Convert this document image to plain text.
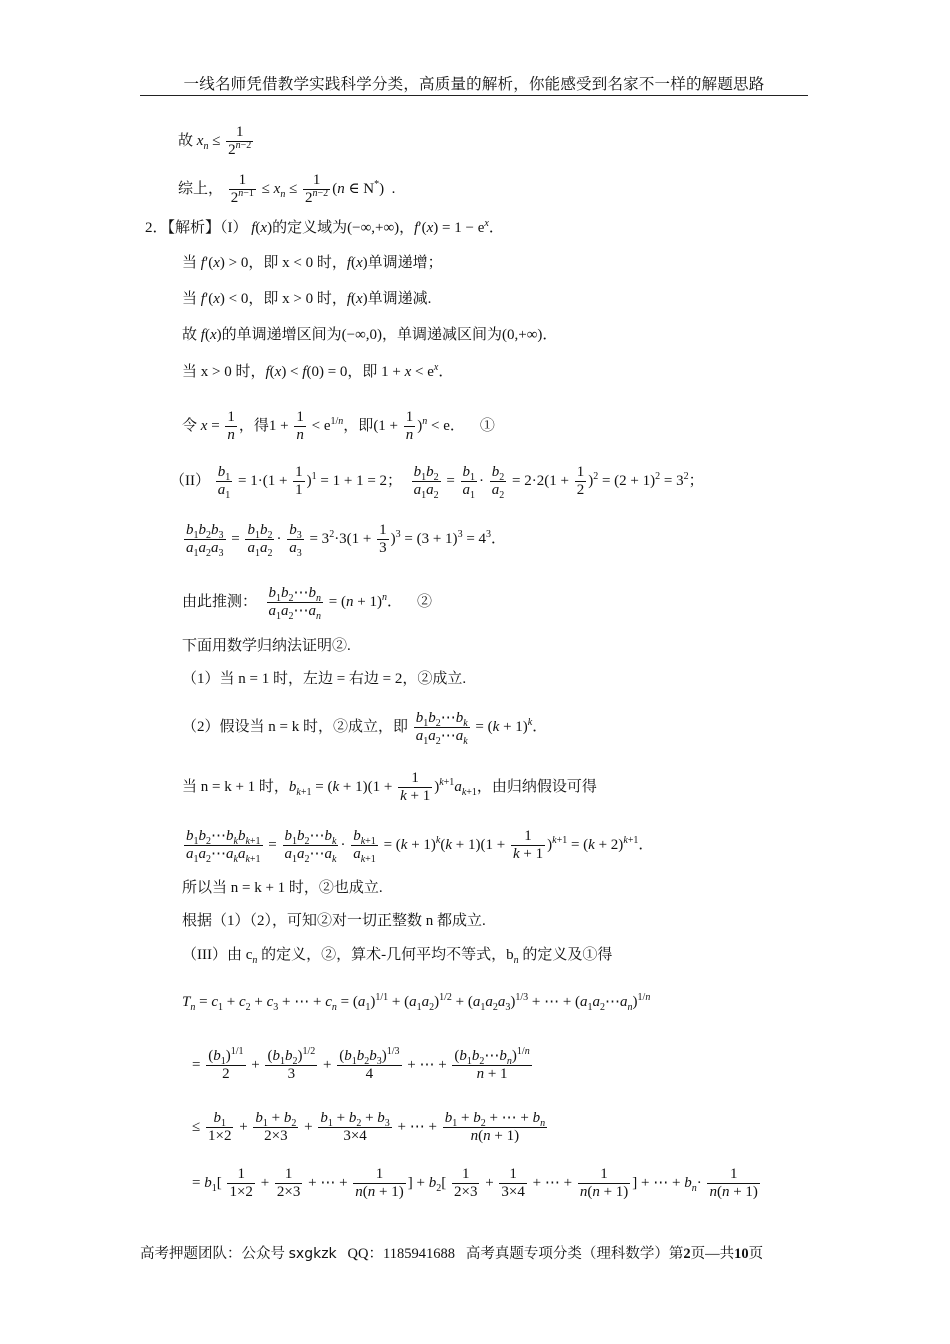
一线名师凭借教学实践科学分类，高质量的解析，你能感受到名家不一样的解题思路
故 $x_n \le \frac{1}{2^{n-2}}$
综上， $\frac{1}{2^{n-1}} \le x_n \le \frac{1}{2^{n-2}} (n$ ∈ N*)  .
2．【解析】（I） f(x)的定义域为(−∞,+∞)，$f'(x) = 1 - e^x$．
当 f′(x) > 0，即 x < 0 时，f(x)单调递增；
当 f′(x) < 0，即 x > 0 时，f(x)单调递减.
故 f(x)的单调递增区间为(−∞,0)，单调递减区间为(0,+∞)．
当 x > 0 时，f(x) < f(0) = 0，即 $1 + x < e^x$．
令 $x = \frac{1}{n}$ ，得$1 + \frac{1}{n} < e^{1/n}$，即$(1 + \frac{1}{n} )^n < e$．    ①
$(II) \frac{b_1}{a_1} = 1\cdot(1 + \frac{1}{1} )^1 = 1 + 1 = 2$； $\frac{b_1b_2}{a_1a_2} = \frac{b_1}{a_1} \cdot \frac{b_2}{a_2} = 2\cdot 2(1 + \frac{1}{2} )^2 = (2 + 1)^2 = 3^2$；
$\frac{b_1b_2b_3}{a_1a_2a_3} = \frac{b_1b_2}{a_1a_2} \cdot \frac{b_3}{a_3} = 3^2\cdot 3(1 + \frac{1}{3} )^3 = (3 + 1)^3 = 4^3$．
由此推测： $\frac{b_1b_2\cdots b_n}{a_1a_2\cdots a_n} = (n + 1)^n$．    ②
下面用数学归纳法证明②.
（1）当 n = 1 时，左边 = 右边 = 2，②成立.
（2）假设当 n = k 时，②成立，即 $\frac{b_1b_2\cdots b_k}{a_1a_2\cdots a_k} = (k + 1)^k$．
当 n = k + 1 时，$b_{k+1} = (k + 1)(1 + \frac{1}{k + 1} )^{k+1}a_{k+1}$，由归纳假设可得
$\frac{b_1b_2\cdots b_kb_{k+1}}{a_1a_2\cdots a_ka_{k+1}} = \frac{b_1b_2\cdots b_k}{a_1a_2\cdots a_k} \cdot \frac{b_{k+1}}{a_{k+1}} = (k + 1)^k(k + 1)(1 + \frac{1}{k + 1} )^{k+1} = (k + 2)^{k+1}$．
所以当 n = k + 1 时，②也成立.
根据（1）（2），可知②对一切正整数 n 都成立.
（III）由 $c_n$ 的定义，②，算术-几何平均不等式，$b_n$ 的定义及①得
$T_n = c_1 + c_2 + c_3$ + ⋯ + $c_n = (a_1)^{1/1} + (a_1a_2)^{1/2} + (a_1a_2a_3)^{1/3}$ + ⋯ + $(a_1a_2\cdots a_n)^{1/n}$
= $\frac{(b_1)^{1/1}}{2} + \frac{(b_1b_2)^{1/2}}{3} + \frac{(b_1b_2b_3)^{1/3}}{4}$ + ⋯ + $\frac{(b_1b_2\cdots b_n)^{1/n}}{n + 1}$
≤ $\frac{b_1}{1\times 2} + \frac{b_1 + b_2}{2\times 3} + \frac{b_1 + b_2 + b_3}{3\times 4}$ + ⋯ + $\frac{b_1 + b_2 + \cdots + b_n}{n(n + 1)}$
= $b_1[ \frac{1}{1\times 2} + \frac{1}{2\times 3}$ + ⋯ + $\frac{1}{n(n + 1)}$ ] + $b_2[ \frac{1}{2\times 3} + \frac{1}{3\times 4}$ + ⋯ + $\frac{1}{n(n + 1)}$ ] + ⋯ + $b_n\cdot \frac{1}{n(n + 1)}$
高考押题团队：公众号 sxgkzk QQ：1185941688 高考真题专项分类（理科数学）第2页—共10页
